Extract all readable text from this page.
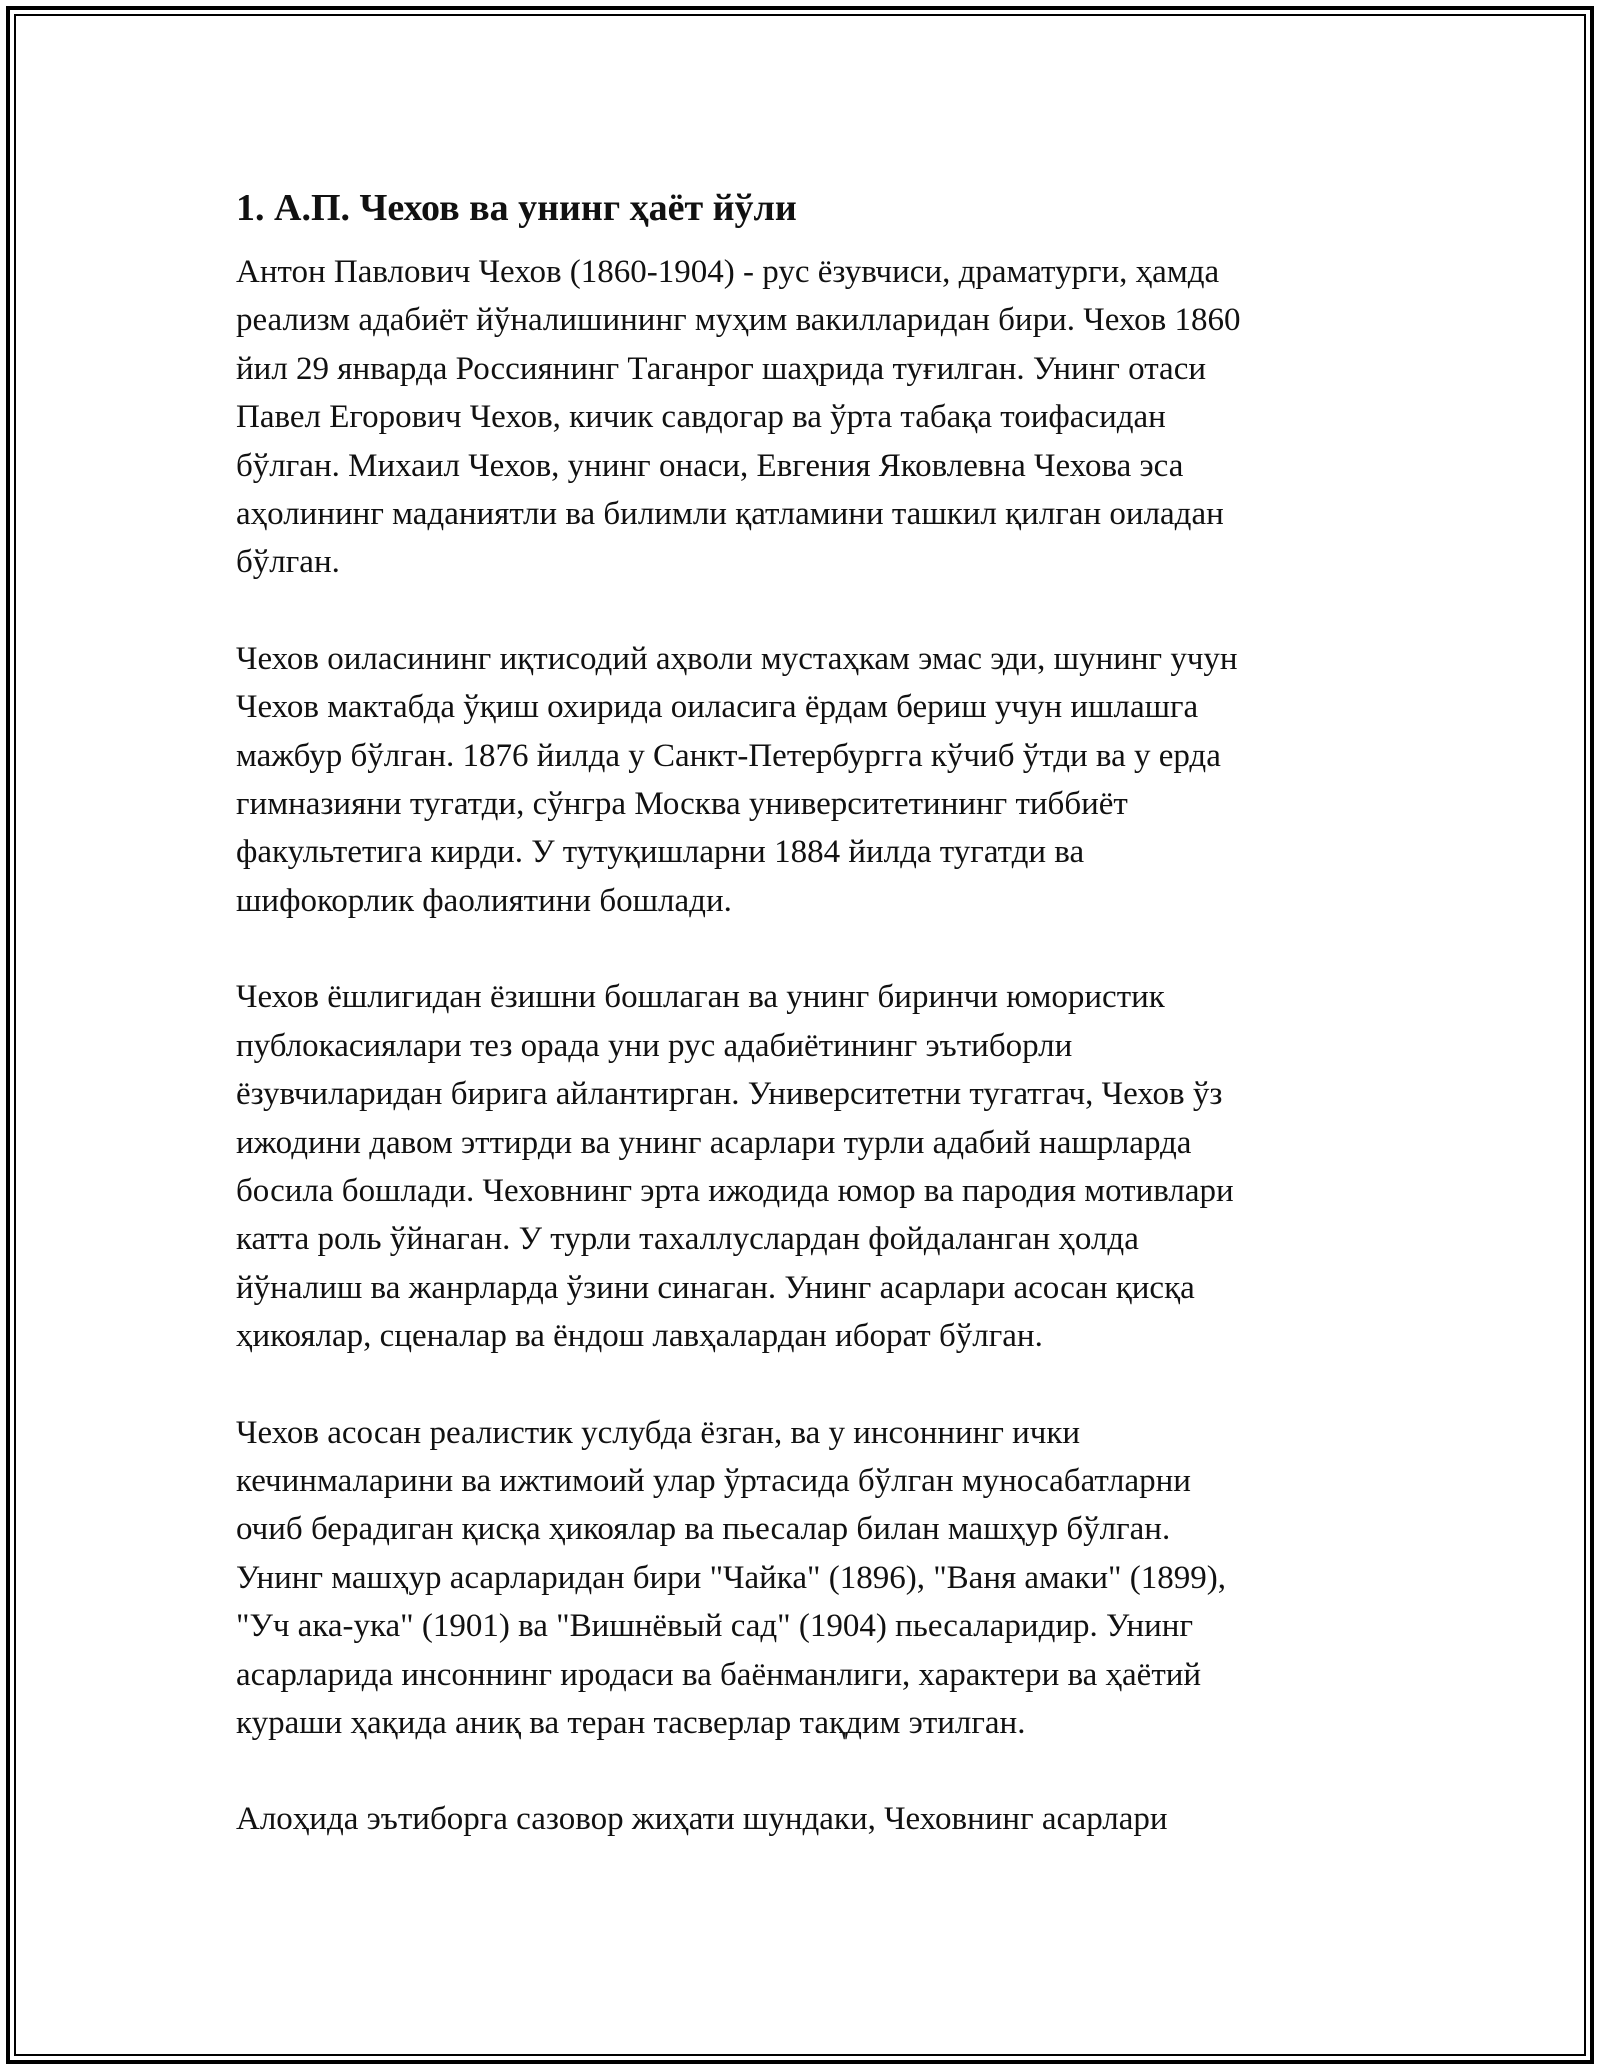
1. А.П. Чехов ва унинг ҳаёт йўли

Антон Павлович Чехов (1860-1904) - рус ёзувчиси, драматурги, ҳамда
реализм адабиёт йўналишининг муҳим вакилларидан бири. Чехов 1860
йил 29 январда Россиянинг Таганрог шаҳрида туғилган. Унинг отаси
Павел Егорович Чехов, кичик савдогар ва ўрта табақа тоифасидан
бўлган. Михаил Чехов, унинг онаси, Евгения Яковлевна Чехова эса
аҳолининг маданиятли ва билимли қатламини ташкил қилган оиладан
бўлган.

Чехов оиласининг иқтисодий аҳволи мустаҳкам эмас эди, шунинг учун
Чехов мактабда ўқиш охирида оиласига ёрдам бериш учун ишлашга
мажбур бўлган. 1876 йилда у Санкт-Петербургга кўчиб ўтди ва у ерда
гимназияни тугатди, сўнгра Москва университетининг тиббиёт
факультетига кирди. У тутуқишларни 1884 йилда тугатди ва
шифокорлик фаолиятини бошлади.

Чехов ёшлигидан ёзишни бошлаган ва унинг биринчи юмористик
публокасиялари тез орада уни рус адабиётининг эътиборли
ёзувчиларидан бирига айлантирган. Университетни тугатгач, Чехов ўз
ижодини давом эттирди ва унинг асарлари турли адабий нашрларда
босила бошлади. Чеховнинг эрта ижодида юмор ва пародия мотивлари
катта роль ўйнаган. У турли тахаллуслардан фойдаланган ҳолда
йўналиш ва жанрларда ўзини синаган. Унинг асарлари асосан қисқа
ҳикоялар, сценалар ва ёндош лавҳалардан иборат бўлган.

Чехов асосан реалистик услубда ёзган, ва у инсоннинг ички
кечинмаларини ва ижтимоий улар ўртасида бўлган муносабатларни
очиб берадиган қисқа ҳикоялар ва пьесалар билан машҳур бўлган.
Унинг машҳур асарларидан бири "Чайка" (1896), "Ваня амаки" (1899),
"Уч ака-ука" (1901) ва "Вишнёвый сад" (1904) пьесаларидир. Унинг
асарларида инсоннинг иродаси ва баёнманлиги, характери ва ҳаётий
кураши ҳақида аниқ ва теран тасверлар тақдим этилган.

Алоҳида эътиборга сазовор жиҳати шундаки, Чеховнинг асарлари
